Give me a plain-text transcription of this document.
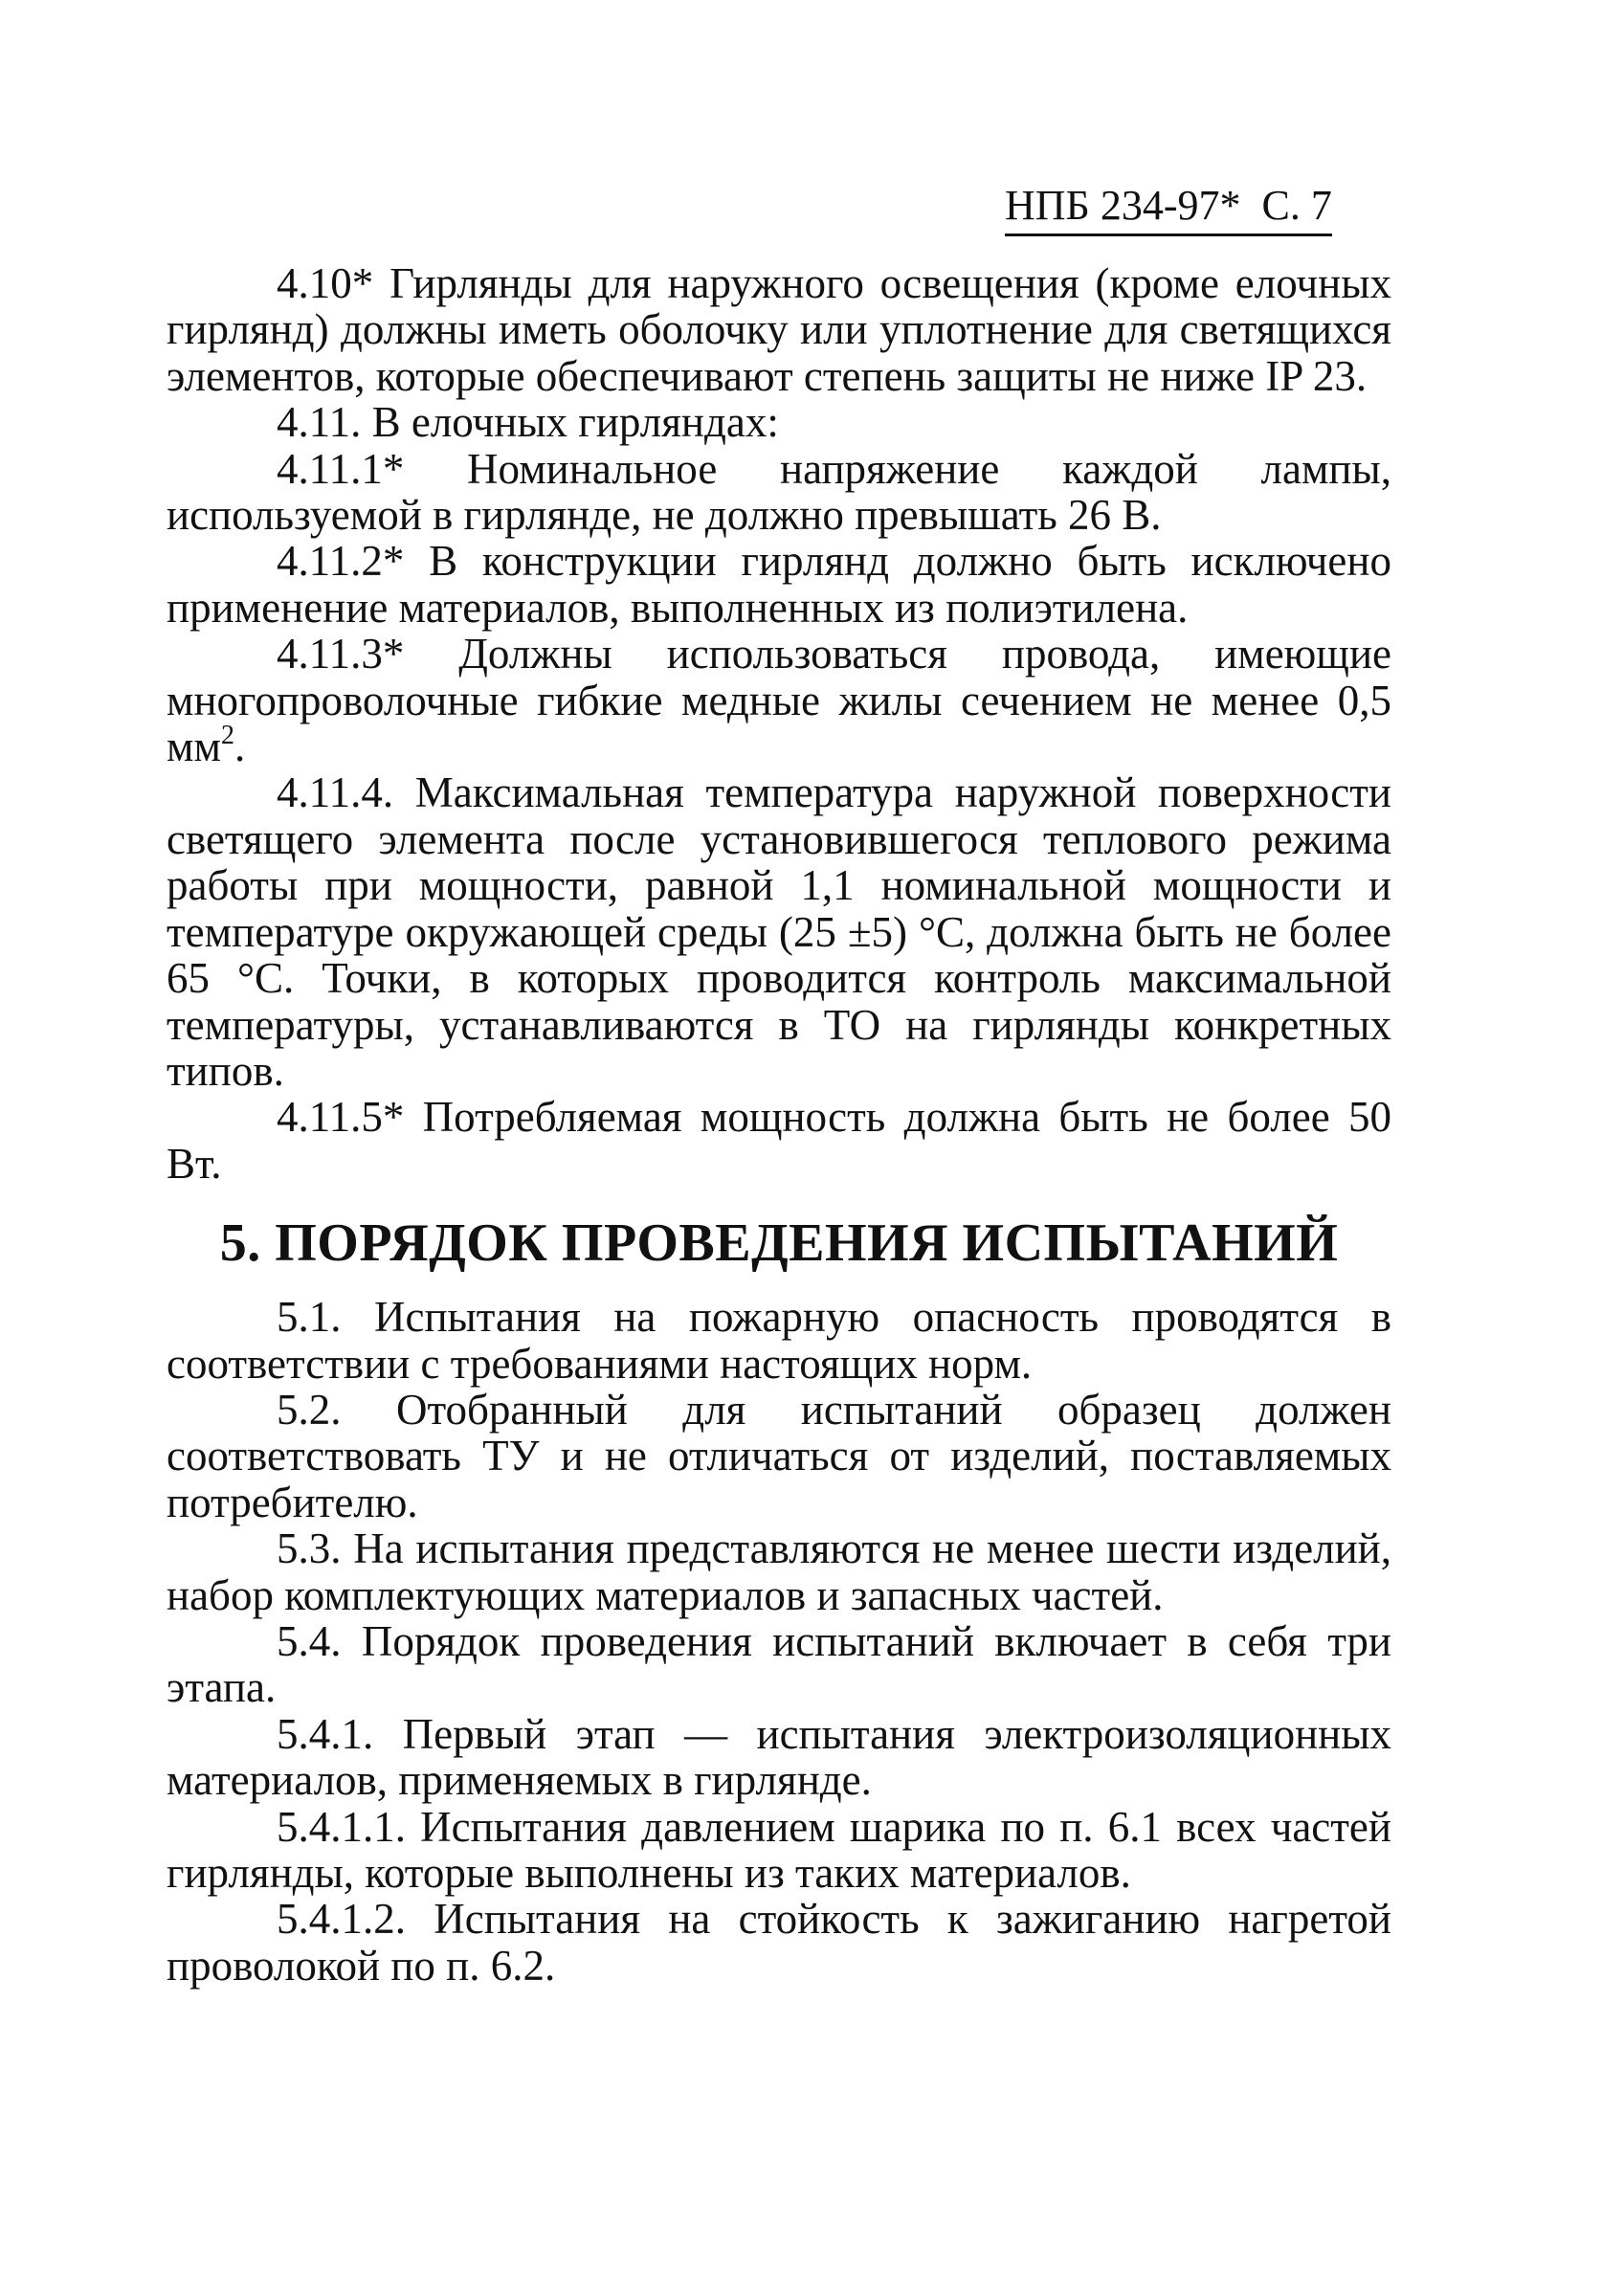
НПБ 234-97* С. 7

4.10* Гирлянды для наружного освещения (кроме елочных гирлянд) должны иметь оболочку или уплотнение для светящихся элементов, которые обеспечивают степень защиты не ниже IP 23.

4.11. В елочных гирляндах:

4.11.1* Номинальное напряжение каждой лампы, используемой в гирлянде, не должно превышать 26 В.

4.11.2* В конструкции гирлянд должно быть исключено применение материалов, выполненных из полиэтилена.

4.11.3* Должны использоваться провода, имеющие многопроволочные гибкие медные жилы сечением не менее 0,5 $мм^2$.

4.11.4. Максимальная температура наружной поверхности светящего элемента после установившегося теплового режима работы при мощности, равной 1,1 номинальной мощности и температуре окружающей среды (25 ±5) °С, должна быть не более 65 °С. Точки, в которых проводится контроль максимальной температуры, устанавливаются в ТО на гирлянды конкретных типов.

4.11.5* Потребляемая мощность должна быть не более 50 Вт.

5. ПОРЯДОК ПРОВЕДЕНИЯ ИСПЫТАНИЙ

5.1. Испытания на пожарную опасность проводятся в соответствии с требованиями настоящих норм.

5.2. Отобранный для испытаний образец должен соответствовать ТУ и не отличаться от изделий, поставляемых потребителю.

5.3. На испытания представляются не менее шести изделий, набор комплектующих материалов и запасных частей.

5.4. Порядок проведения испытаний включает в себя три этапа.

5.4.1. Первый этап — испытания электроизоляционных материалов, применяемых в гирлянде.

5.4.1.1. Испытания давлением шарика по п. 6.1 всех частей гирлянды, которые выполнены из таких материалов.

5.4.1.2. Испытания на стойкость к зажиганию нагретой проволокой по п. 6.2.
